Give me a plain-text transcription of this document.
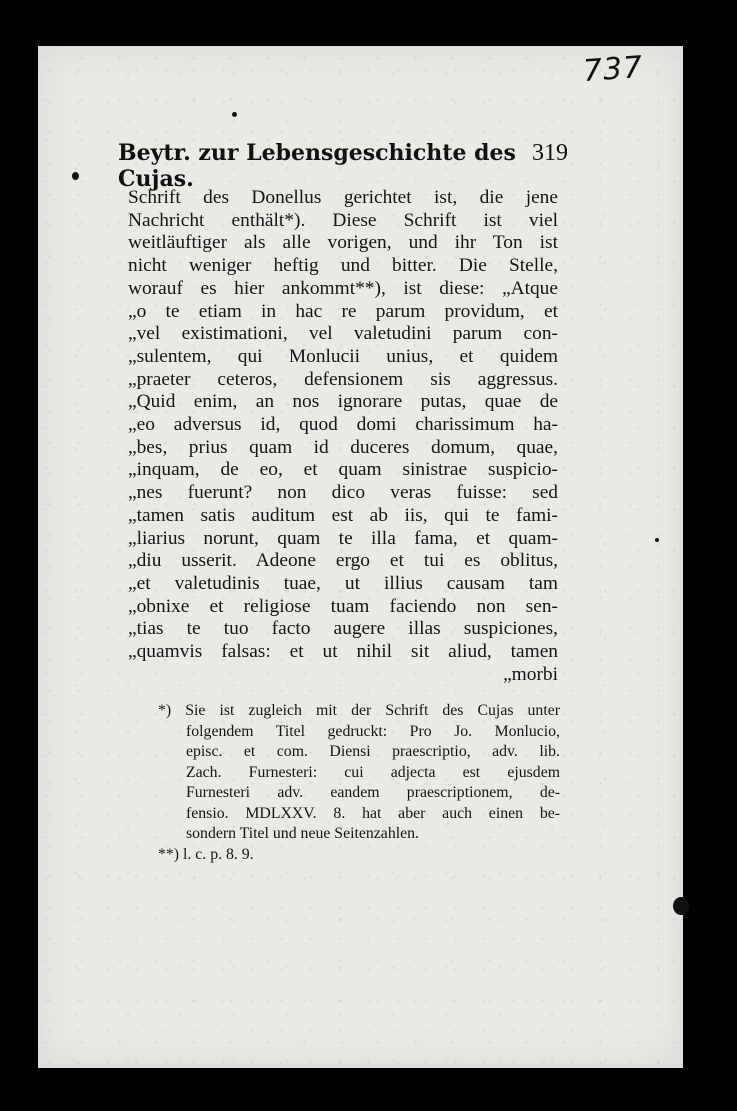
737
Beytr. zur Lebensgeschichte des Cujas.
319
Schrift des Donellus gerichtet ist, die jene
Nachricht enthält*). Diese Schrift ist viel
weitläuftiger als alle vorigen, und ihr Ton ist
nicht weniger heftig und bitter. Die Stelle,
worauf es hier ankommt**), ist diese: „Atque
„o te etiam in hac re parum providum, et
„vel existimationi, vel valetudini parum con-
„sulentem, qui Monlucii unius, et quidem
„praeter ceteros, defensionem sis aggressus.
„Quid enim, an nos ignorare putas, quae de
„eo adversus id, quod domi charissimum ha-
„bes, prius quam id duceres domum, quae,
„inquam, de eo, et quam sinistrae suspicio-
„nes fuerunt? non dico veras fuisse: sed
„tamen satis auditum est ab iis, qui te fami-
„liarius norunt, quam te illa fama, et quam-
„diu usserit. Adeone ergo et tui es oblitus,
„et valetudinis tuae, ut illius causam tam
„obnixe et religiose tuam faciendo non sen-
„tias te tuo facto augere illas suspiciones,
„quamvis falsas: et ut nihil sit aliud, tamen
„morbi
*) Sie ist zugleich mit der Schrift des Cujas unter
folgendem Titel gedruckt: Pro Jo. Monlucio,
episc. et com. Diensi praescriptio, adv. lib.
Zach. Furnesteri: cui adjecta est ejusdem
Furnesteri adv. eandem praescriptionem, de-
fensio. MDLXXV. 8. hat aber auch einen be-
sondern Titel und neue Seitenzahlen.
**) l. c. p. 8. 9.
